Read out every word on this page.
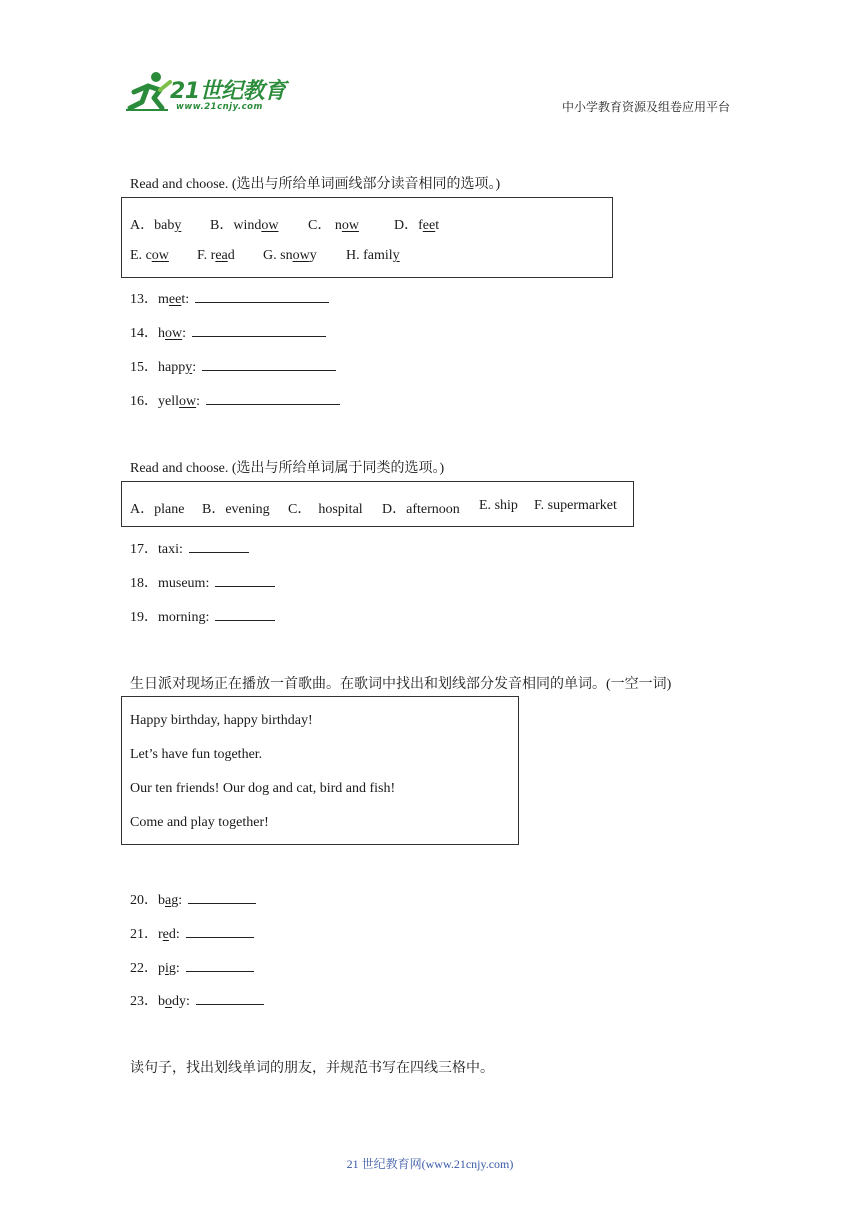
21世纪教育
www.21cnjy.com	中小学教育资源及组卷应用平台
Read and choose. (选出与所给单词画线部分读音相同的选项。)
A．baby B．window C． now	D．feet
E. cow F. read G. snowy H. family
13．meet:
14．how:
15．happy:
16．yellow:
Read and choose. (选出与所给单词属于同类的选项。)
A．plane B．evening C． hospital D．afternoon E. ship F. supermarket
17．taxi:
18．museum:
19．morning:
生日派对现场正在播放一首歌曲。在歌词中找出和划线部分发音相同的单词。(一空一词)
Happy birthday, happy birthday!
Let’s have fun together.
Our ten friends! Our dog and cat, bird and fish!
Come and play together!
20．bag:
21．red:
22．pig:
23．body:
读句子，找出划线单词的朋友，并规范书写在四线三格中。
21 世纪教育网(www.21cnjy.com)
